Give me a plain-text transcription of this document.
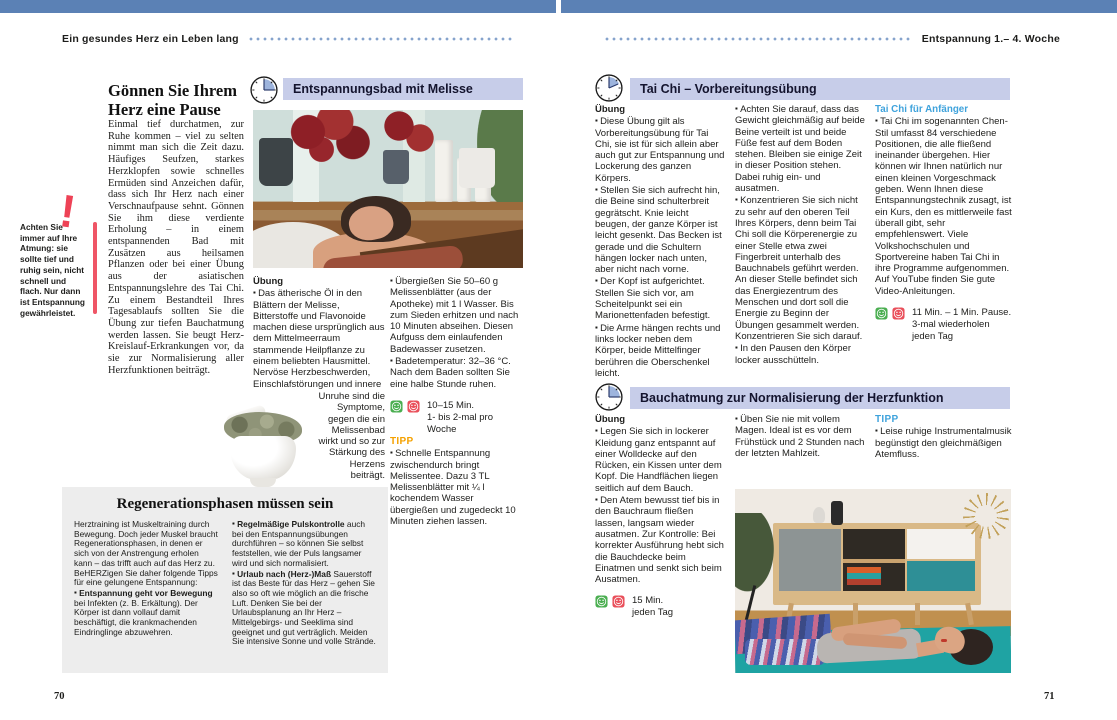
Ein gesundes Herz ein Leben lang
Gönnen Sie Ihrem Herz eine Pause
!
Achten Sie immer auf Ihre Atmung: sie sollte tief und ruhig sein, nicht schnell und flach. Nur dann ist Entspannung gewährleistet.
Einmal tief durchatmen, zur Ruhe kommen – viel zu selten nimmt man sich die Zeit dazu. Häufiges Seufzen, starkes Herzklopfen sowie schnelles Ermüden sind Anzeichen dafür, dass sich Ihr Herz nach einer Verschnaufpause sehnt. Gönnen Sie ihm diese verdiente Erholung – in einem entspannenden Bad mit Zusätzen aus heilsamen Pflanzen oder bei einer Übung aus der asiatischen Entspannungslehre des Tai Chi. Zu einem Bestandteil Ihres Tagesablaufs sollten Sie die Übung zur tiefen Bauchatmung werden lassen. Sie beugt Herz-Kreislauf-Erkrankungen vor, da sie zur Normalisierung aller Herzfunktionen beiträgt.
Entspannungsbad mit Melisse

Übung

▪ Das ätherische Öl in den Blättern der Melisse, Bitterstoffe und Flavonoide machen diese ursprünglich aus dem Mittelmeerraum stammende Heilpflanze zu einem beliebten Hausmittel. Nervöse Herzbeschwerden, Einschlafstörungen und innere

Unruhe sind die Symptome, gegen die ein Melissenbad wirkt und so zur Stärkung des Herzens beiträgt.

▪ Übergießen Sie 50–60 g Melissenblätter (aus der Apotheke) mit 1 l Wasser. Bis zum Sieden erhitzen und nach 10 Minuten abseihen. Diesen Aufguss dem einlaufenden Badewasser zusetzen.

▪ Badetemperatur: 32–36 °C. Nach dem Baden sollten Sie eine halbe Stunde ruhen.

10–15 Min.
1- bis 2-mal pro Woche

TIPP

▪ Schnelle Entspannung zwischendurch bringt Melissentee. Dazu 3 TL Melissenblätter mit ¼ l kochendem Wasser übergießen und zugedeckt 10 Minuten ziehen lassen.

Regenerationsphasen müssen sein

Herztraining ist Muskeltraining durch Bewegung. Doch jeder Muskel braucht Regenerationsphasen, in denen er sich von der Anstrengung erholen kann – das trifft auch auf das Herz zu. BeHERZigen Sie daher folgende Tipps für eine gelungene Entspannung:

▪ Entspannung geht vor Bewegung bei Infekten (z. B. Erkältung). Der Körper ist dann vollauf damit beschäftigt, die krankmachenden Eindringlinge abzuwehren.

▪ Regelmäßige Pulskontrolle auch bei den Entspannungsübungen durchführen – so können Sie selbst feststellen, wie der Puls langsamer wird und sich normalisiert.

▪ Urlaub nach (Herz-)Maß Sauerstoff ist das Beste für das Herz – gehen Sie also so oft wie möglich an die frische Luft. Denken Sie bei der Urlaubsplanung an Ihr Herz – Mittelgebirgs- und Seeklima sind geeignet und gut verträglich. Meiden Sie intensive Sonne und volle Strände.

70
Entspannung 1.– 4. Woche
Tai Chi – Vorbereitungsübung

Übung

▪ Diese Übung gilt als Vorbereitungsübung für Tai Chi, sie ist für sich allein aber auch gut zur Entspannung und Lockerung des ganzen Körpers.

▪ Stellen Sie sich aufrecht hin, die Beine sind schulterbreit gegrätscht. Knie leicht beugen, der ganze Körper ist leicht gesenkt. Das Becken ist gerade und die Schultern hängen locker nach unten, aber nicht nach vorne.

▪ Der Kopf ist aufgerichtet. Stellen Sie sich vor, am Scheitelpunkt sei ein Marionettenfaden befestigt.

▪ Die Arme hängen rechts und links locker neben dem Körper, beide Mittelfinger berühren die Oberschenkel leicht.

▪ Achten Sie darauf, dass das Gewicht gleichmäßig auf beide Beine verteilt ist und beide Füße fest auf dem Boden stehen. Bleiben sie einige Zeit in dieser Position stehen. Dabei ruhig ein- und ausatmen.

▪ Konzentrieren Sie sich nicht zu sehr auf den oberen Teil Ihres Körpers, denn beim Tai Chi soll die Körperenergie zu einer Stelle etwa zwei Fingerbreit unterhalb des Bauchnabels geführt werden. An dieser Stelle befindet sich das Energiezentrum des Menschen und dort soll die Energie zu Beginn der Übungen gesammelt werden. Konzentrieren Sie sich darauf.

▪ In den Pausen den Körper locker ausschütteln.

Tai Chi für Anfänger

▪ Tai Chi im sogenannten Chen-Stil umfasst 84 verschiedene Positionen, die alle fließend ineinander übergehen. Hier können wir Ihnen natürlich nur einen kleinen Vorgeschmack geben. Wenn Ihnen diese Entspannungstechnik zusagt, ist ein Kurs, den es mittlerweile fast überall gibt, sehr empfehlenswert. Viele Volkshochschulen und Sportvereine haben Tai Chi in ihre Programme aufgenommen. Auf YouTube finden Sie gute Video-Anleitungen.

11 Min. – 1 Min. Pause.
3-mal wiederholen
jeden Tag
Bauchatmung zur Normalisierung der Herzfunktion

Übung

▪ Legen Sie sich in lockerer Kleidung ganz entspannt auf einer Wolldecke auf den Rücken, ein Kissen unter dem Kopf. Die Handflächen liegen seitlich auf dem Bauch.

▪ Den Atem bewusst tief bis in den Bauchraum fließen lassen, langsam wieder ausatmen. Zur Kontrolle: Bei korrekter Ausführung hebt sich die Bauchdecke beim Einatmen und senkt sich beim Ausatmen.

15 Min.
jeden Tag

▪ Üben Sie nie mit vollem Magen. Ideal ist es vor dem Frühstück und 2 Stunden nach der letzten Mahlzeit.

TIPP

▪ Leise ruhige Instrumentalmusik begünstigt den gleichmäßigen Atemfluss.

71
